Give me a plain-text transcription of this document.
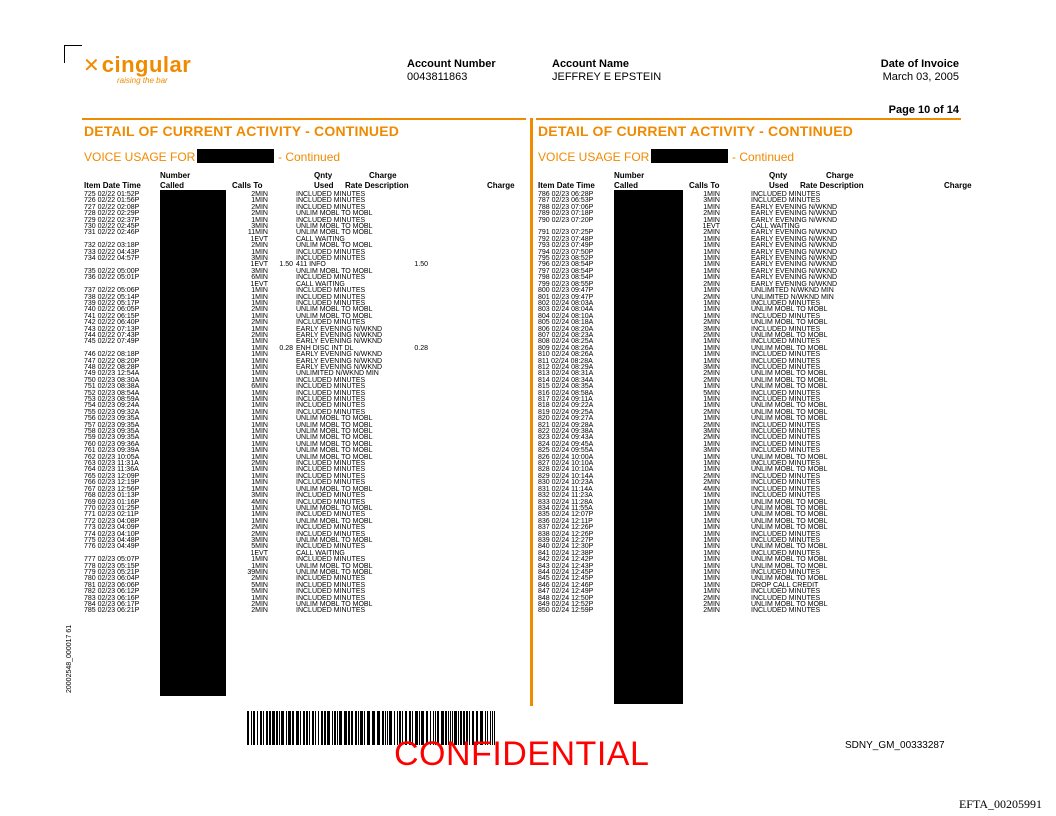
✕cingular
raising the bar
Account Number
0043811863
Account Name
JEFFREY E EPSTEIN
Date of Invoice
March 03, 2005
Page 10 of 14
DETAIL OF CURRENT ACTIVITY - CONTINUED	DETAIL OF CURRENT ACTIVITY - CONTINUED
VOICE USAGE FOR	- Continued	VOICE USAGE FOR	- Continued
Number	Qnty	Charge
Item Date Time Called	Calls To	Used Rate Description	Charge
Number	Qnty	Charge
Item Date Time Called	Calls To	Used Rate Description	Charge
725 02/22 01:52P	INCOMING	2MIN		INCLUDED MINUTES	
726 02/22 01:56P	NEW YORK NY	1MIN		INCLUDED MINUTES	
727 02/22 02:08P	INCOMING	2MIN		INCLUDED MINUTES	
728 02/22 02:29P	QUEENS NY	2MIN		UNLIM MOBL TO MOBL	
729 02/22 02:37P	INCOMING	1MIN		INCLUDED MINUTES	
730 02/22 02:45P	NY ZONE 1 NY	3MIN		UNLIM MOBL TO MOBL	
731 02/22 02:46P	INCOMING	11MIN		UNLIM MOBL TO MOBL	
		1EVT		CALL WAITING	
732 02/22 03:18P	QUEENS NY	2MIN		UNLIM MOBL TO MOBL	
733 02/22 04:43P	INCOMING	1MIN		INCLUDED MINUTES	
734 02/22 04:57P		3MIN		INCLUDED MINUTES	
		1EVT	1.50	411 INFO	1.50
735 02/22 05:00P	NEW YORK NY	3MIN		UNLIM MOBL TO MOBL	
736 02/22 05:01P	INCOMING	6MIN		INCLUDED MINUTES	
		1EVT		CALL WAITING	
737 02/22 05:06P	NEW YORK NY	1MIN		INCLUDED MINUTES	
738 02/22 05:14P	INCOMING	1MIN		INCLUDED MINUTES	
739 02/22 05:17P	INCOMING	1MIN		INCLUDED MINUTES	
740 02/22 06:05P	INCOMING	2MIN		UNLIM MOBL TO MOBL	
741 02/22 06:15P	INCOMING	1MIN		UNLIM MOBL TO MOBL	
742 02/22 06:40P	BROOKLYN NY	2MIN		INCLUDED MINUTES	
743 02/22 07:13P	INCOMING	1MIN		EARLY EVENING N/WKND	
744 02/22 07:43P	INCOMING	2MIN		EARLY EVENING N/WKND	
745 02/22 07:49P	mobile UK	1MIN		EARLY EVENING N/WKND	
		1MIN	0.28	ENH DISC INT DL	0.28
746 02/22 08:18P	NEW YORK NY	1MIN		EARLY EVENING N/WKND	
747 02/22 08:20P	NEW YORK NY	1MIN		EARLY EVENING N/WKND	
748 02/22 08:28P	TWINCITIES MN	1MIN		EARLY EVENING N/WKND	
749 02/23 12:54A	NEW YORK NY	1MIN		UNLIMITED N/WKND MIN	
750 02/23 08:30A	INCOMING	1MIN		INCLUDED MINUTES	
751 02/23 08:38A	INCOMING	6MIN		INCLUDED MINUTES	
752 02/23 08:54A	NEW YORK NY	1MIN		INCLUDED MINUTES	
753 02/23 08:59A	NEW YORK NY	1MIN		INCLUDED MINUTES	
754 02/23 09:24A	INCOMING	1MIN		INCLUDED MINUTES	
755 02/23 09:32A	INCOMING	1MIN		INCLUDED MINUTES	
756 02/23 09:35A	NEW YORK NY	1MIN		UNLIM MOBL TO MOBL	
757 02/23 09:35A	NEW YORK NY	1MIN		UNLIM MOBL TO MOBL	
758 02/23 09:35A	NEW YORK NY	1MIN		UNLIM MOBL TO MOBL	
759 02/23 09:35A	NEW YORK NY	1MIN		UNLIM MOBL TO MOBL	
760 02/23 09:36A	NEW YORK NY	1MIN		UNLIM MOBL TO MOBL	
761 02/23 09:39A	NEW YORK NY	1MIN		UNLIM MOBL TO MOBL	
762 02/23 10:05A	NEW YORK NY	1MIN		UNLIM MOBL TO MOBL	
763 02/23 11:31A	INCOMING	2MIN		INCLUDED MINUTES	
764 02/23 11:36A	INCOMING	1MIN		INCLUDED MINUTES	
765 02/23 12:09P	INCOMING	1MIN		INCLUDED MINUTES	
766 02/23 12:19P	INCOMING	1MIN		INCLUDED MINUTES	
767 02/23 12:56P	INCOMING	1MIN		UNLIM MOBL TO MOBL	
768 02/23 01:13P	NEW YORK NY	3MIN		INCLUDED MINUTES	
769 02/23 01:16P	NEW YORK NY	4MIN		INCLUDED MINUTES	
770 02/23 01:25P	NEW YORK NY	1MIN		UNLIM MOBL TO MOBL	
771 02/23 02:11P	BROOKLYN NY	1MIN		INCLUDED MINUTES	
772 02/23 04:08P	NEW YORK NY	1MIN		UNLIM MOBL TO MOBL	
773 02/23 04:09P	NWYRCYZN01 NY	2MIN		INCLUDED MINUTES	
774 02/23 04:10P	NY ZONE 1 NY	2MIN		INCLUDED MINUTES	
775 02/23 04:48P	NY ZONE 1 NY	3MIN		UNLIM MOBL TO MOBL	
776 02/23 04:49P	INCOMING	5MIN		INCLUDED MINUTES	
		1EVT		CALL WAITING	
777 02/23 05:07P	INCOMING	1MIN		INCLUDED MINUTES	
778 02/23 05:15P	WPALMBEACH FL	1MIN		UNLIM MOBL TO MOBL	
779 02/23 05:21P	INCOMING	39MIN		UNLIM MOBL TO MOBL	
780 02/23 06:04P	NY ZONE 1 NY	2MIN		INCLUDED MINUTES	
781 02/23 06:06P	INCOMING	5MIN		INCLUDED MINUTES	
782 02/23 06:12P	INCOMING	5MIN		INCLUDED MINUTES	
783 02/23 06:16P	NEW YORK NY	1MIN		INCLUDED MINUTES	
784 02/23 06:17P	QUEENS NY	2MIN		UNLIM MOBL TO MOBL	
785 02/23 06:21P	INCOMING	2MIN		INCLUDED MINUTES	
786 02/23 06:28P	INCOMING	1MIN		INCLUDED MINUTES	
787 02/23 06:53P	INCOMING	3MIN		INCLUDED MINUTES	
788 02/23 07:06P	WPALMBEACH FL	1MIN		EARLY EVENING N/WKND	
789 02/23 07:18P	INCOMING	2MIN		EARLY EVENING N/WKND	
790 02/23 07:20P	INCOMING	1MIN		EARLY EVENING N/WKND	
		1EVT		CALL WAITING	
791 02/23 07:25P	WPALMBEACH FL	2MIN		EARLY EVENING N/WKND	
792 02/23 07:48P	WPALMBEACH FL	1MIN		EARLY EVENING N/WKND	
793 02/23 07:49P	INCOMING	1MIN		EARLY EVENING N/WKND	
794 02/23 07:50P	NY ZONE 1 NY	1MIN		EARLY EVENING N/WKND	
795 02/23 08:52P	INCOMING	1MIN		EARLY EVENING N/WKND	
796 02/23 08:54P	QUEENS NY	1MIN		EARLY EVENING N/WKND	
797 02/23 08:54P	QUEENS NY	1MIN		EARLY EVENING N/WKND	
798 02/23 08:54P	QUEENS NY	1MIN		EARLY EVENING N/WKND	
799 02/23 08:55P	NEW YORK NY	2MIN		EARLY EVENING N/WKND	
800 02/23 09:47P	INCOMING	1MIN		UNLIMITED N/WKND MIN	
801 02/23 09:47P	NEW YORK NY	2MIN		UNLIMITED N/WKND MIN	
802 02/24 08:03A	INCOMING	1MIN		INCLUDED MINUTES	
803 02/24 08:04A	QUEENS NY	1MIN		UNLIM MOBL TO MOBL	
804 02/24 08:10A	INCOMING	1MIN		INCLUDED MINUTES	
805 02/24 08:18A	INCOMING	2MIN		UNLIM MOBL TO MOBL	
806 02/24 08:20A	NEW YORK NY	3MIN		INCLUDED MINUTES	
807 02/24 08:23A	QUEENS NY	2MIN		UNLIM MOBL TO MOBL	
808 02/24 08:25A	WPALMBEACH FL	1MIN		INCLUDED MINUTES	
809 02/24 08:26A	WPALMBEACH FL	1MIN		UNLIM MOBL TO MOBL	
810 02/24 08:26A	WPALMBEACH FL	1MIN		INCLUDED MINUTES	
811 02/24 08:28A	INCOMING	1MIN		INCLUDED MINUTES	
812 02/24 08:29A	NY ZONE 1 NY	3MIN		INCLUDED MINUTES	
813 02/24 08:31A	WPALMBEACH FL	2MIN		UNLIM MOBL TO MOBL	
814 02/24 08:34A	WPALMBEACH FL	2MIN		UNLIM MOBL TO MOBL	
815 02/24 08:35A	NEW YORK NY	1MIN		UNLIM MOBL TO MOBL	
816 02/24 08:58A	INCOMING	5MIN		INCLUDED MINUTES	
817 02/24 09:11A	INCOMING	1MIN		INCLUDED MINUTES	
818 02/24 09:22A	NEW YORK NY	1MIN		UNLIM MOBL TO MOBL	
819 02/24 09:25A	LAKE WORTH FL	2MIN		UNLIM MOBL TO MOBL	
820 02/24 09:27A	WPALMBEACH FL	1MIN		UNLIM MOBL TO MOBL	
821 02/24 09:28A	WPALMBEACH FL	2MIN		INCLUDED MINUTES	
822 02/24 09:38A	INCOMING	3MIN		INCLUDED MINUTES	
823 02/24 09:43A	NEW YORK NY	2MIN		INCLUDED MINUTES	
824 02/24 09:45A	NEW YORK NY	1MIN		INCLUDED MINUTES	
825 02/24 09:55A	NEWYORKZN1 NY	3MIN		INCLUDED MINUTES	
826 02/24 10:00A	NEW YORK NY	1MIN		UNLIM MOBL TO MOBL	
827 02/24 10:10A	INCOMING	1MIN		INCLUDED MINUTES	
828 02/24 10:10A	NEW YORK NY	1MIN		UNLIM MOBL TO MOBL	
829 02/24 10:14A	NEW YORK NY	2MIN		INCLUDED MINUTES	
830 02/24 10:23A	NEW YORK NY	2MIN		INCLUDED MINUTES	
831 02/24 11:14A	INCOMING	4MIN		INCLUDED MINUTES	
832 02/24 11:23A	INCOMING	1MIN		INCLUDED MINUTES	
833 02/24 11:28A	INCOMING	1MIN		UNLIM MOBL TO MOBL	
834 02/24 11:55A	INCOMING	1MIN		UNLIM MOBL TO MOBL	
835 02/24 12:07P	INCOMING	1MIN		UNLIM MOBL TO MOBL	
836 02/24 12:11P	WPALMBEACH FL	1MIN		UNLIM MOBL TO MOBL	
837 02/24 12:26P	INCOMING	1MIN		UNLIM MOBL TO MOBL	
838 02/24 12:26P	NEW YORK NY	1MIN		INCLUDED MINUTES	
839 02/24 12:27P	NEW YORK NY	1MIN		INCLUDED MINUTES	
840 02/24 12:30P	QUEENS NY	1MIN		UNLIM MOBL TO MOBL	
841 02/24 12:38P	INCOMING	1MIN		INCLUDED MINUTES	
842 02/24 12:42P	QUEENS NY	1MIN		UNLIM MOBL TO MOBL	
843 02/24 12:43P	QUEENS NY	1MIN		UNLIM MOBL TO MOBL	
844 02/24 12:45P	WPALMBEACH FL	1MIN		INCLUDED MINUTES	
845 02/24 12:45P	WPALMBEACH FL	1MIN		UNLIM MOBL TO MOBL	
846 02/24 12:46P	WPALMBEACH FL	1MIN		DROP CALL CREDIT	
847 02/24 12:49P	NEW YORK NY	1MIN		INCLUDED MINUTES	
848 02/24 12:50P	NEW YORK NY	2MIN		INCLUDED MINUTES	
849 02/24 12:52P	NEW YORK NY	2MIN		UNLIM MOBL TO MOBL	
850 02/24 12:59P	NEW YORK NY	2MIN		INCLUDED MINUTES	
20002548_000017 61
CONFIDENTIAL	SDNY_GM_00333287
EFTA_00205991
